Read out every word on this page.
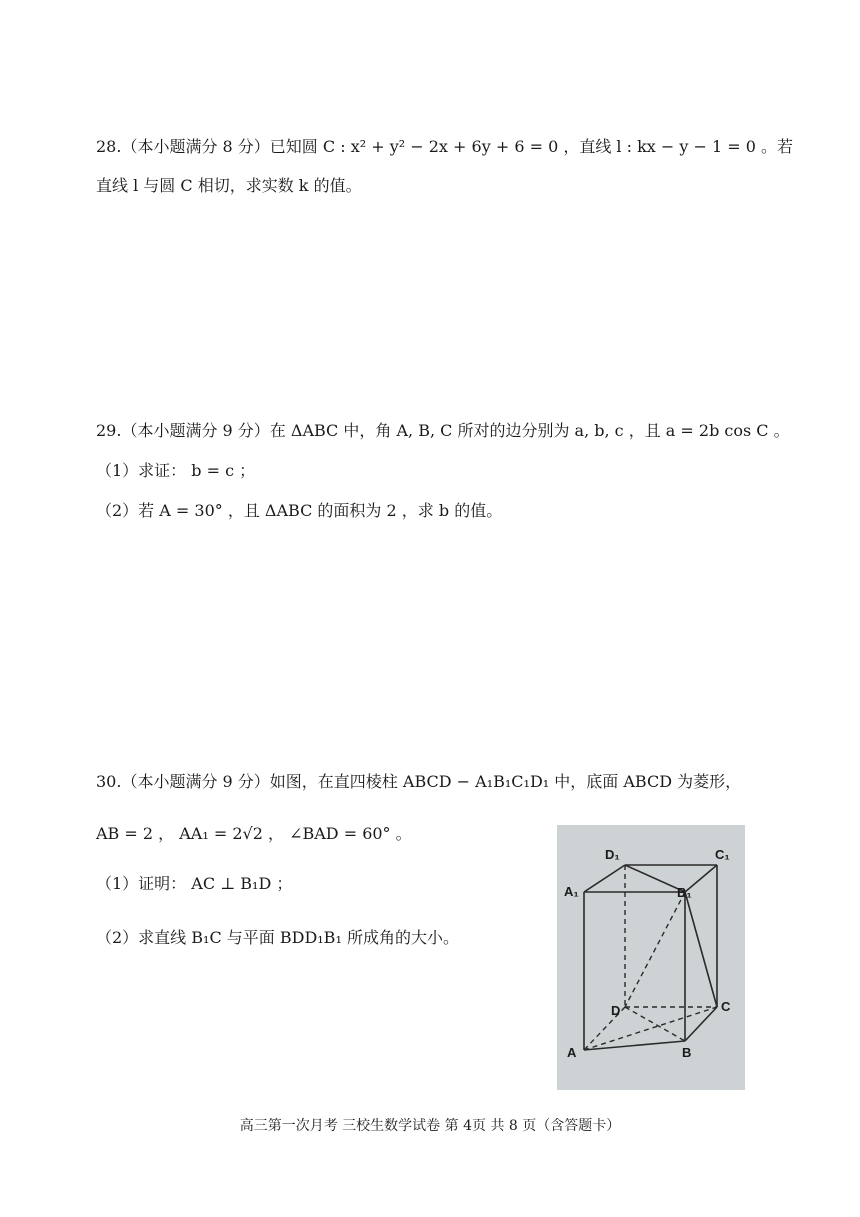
28.（本小题满分 8 分）已知圆 C : x² + y² − 2x + 6y + 6 = 0 ，直线 l : kx − y − 1 = 0 。若
直线 l 与圆 C 相切，求实数 k 的值。
29.（本小题满分 9 分）在 ΔABC 中，角 A, B, C 所对的边分别为 a, b, c ，且 a = 2b cos C 。
（1）求证： b = c ；
（2）若 A = 30° ，且 ΔABC 的面积为 2 ，求 b 的值。
30.（本小题满分 9 分）如图，在直四棱柱 ABCD − A₁B₁C₁D₁ 中，底面 ABCD 为菱形，
AB = 2 ， AA₁ = 2√2 ， ∠BAD = 60° 。
（1）证明： AC ⊥ B₁D ；
（2）求直线 B₁C 与平面 BDD₁B₁ 所成角的大小。
D₁	C₁
A₁	B₁
D	C
A	B
高三第一次月考 三校生数学试卷 第 4页 共 8 页（含答题卡）
